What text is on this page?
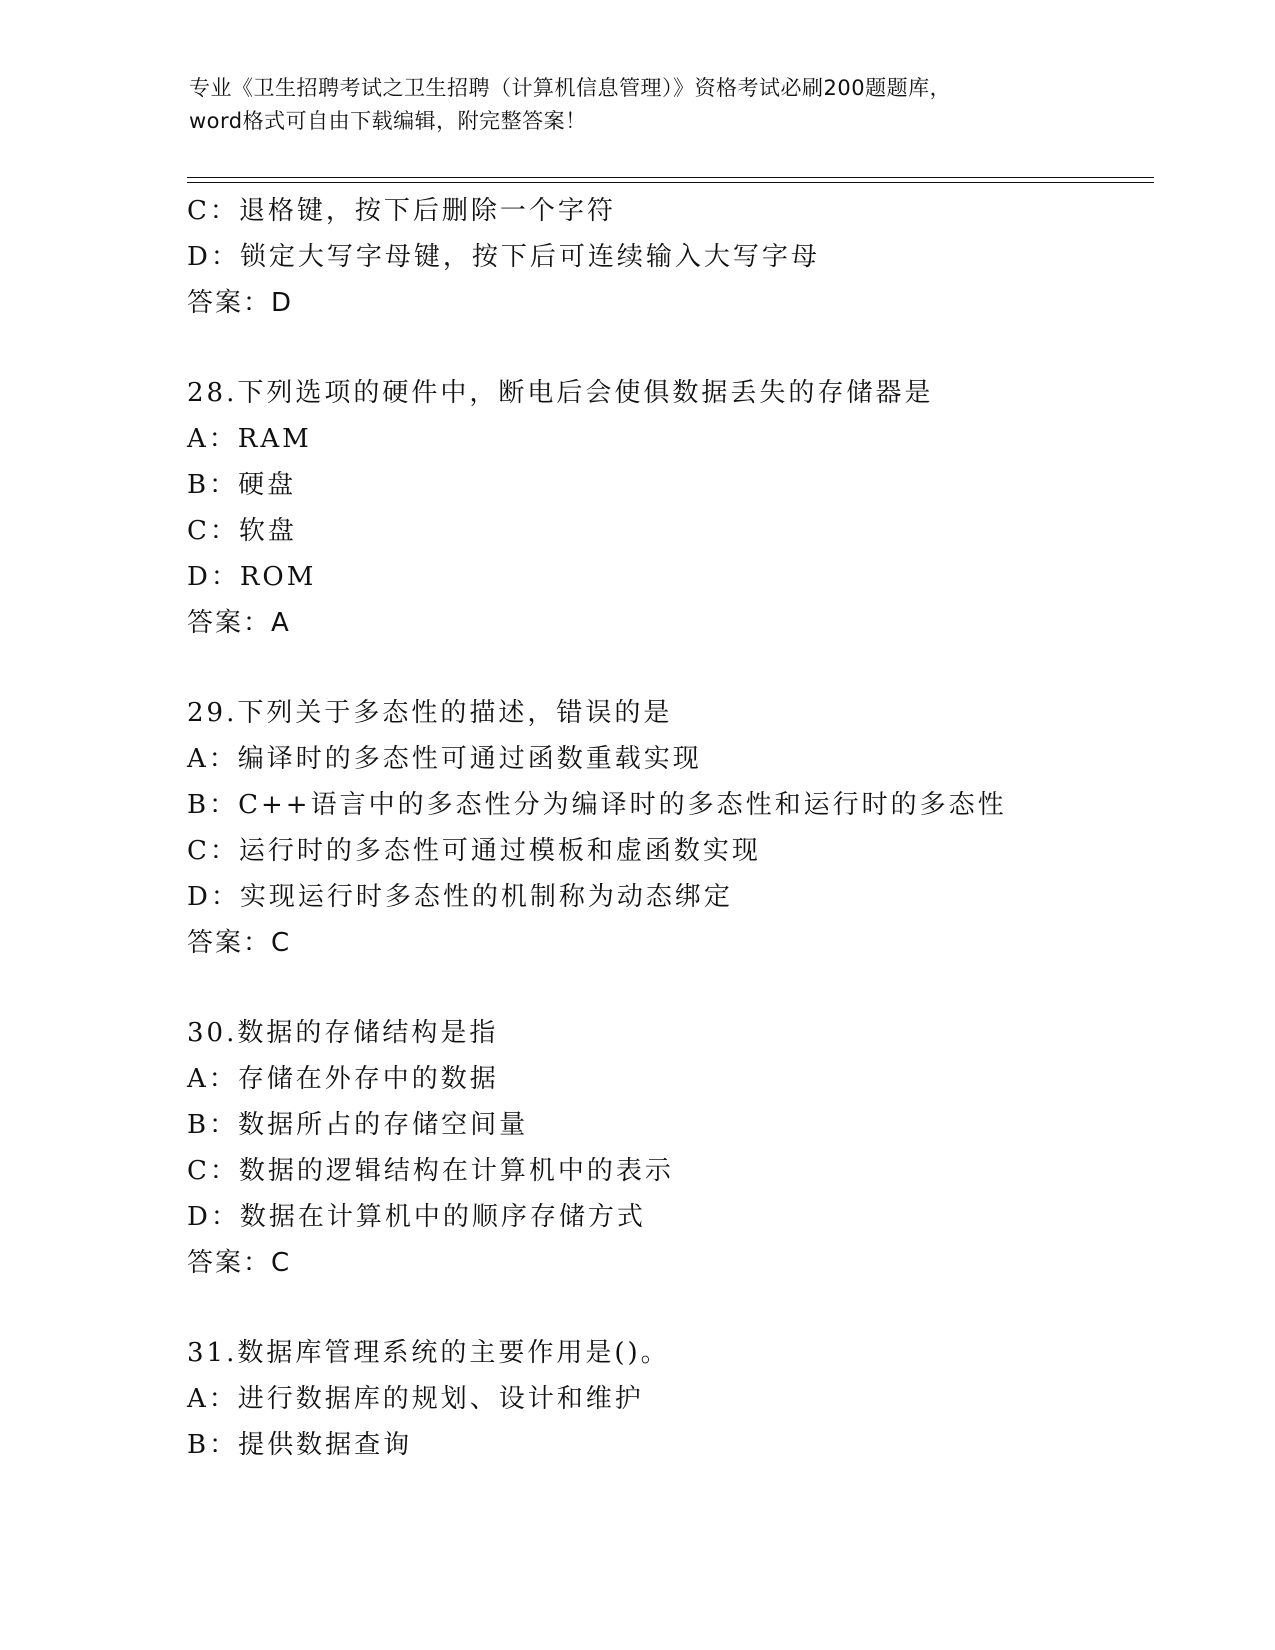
专业《卫生招聘考试之卫生招聘（计算机信息管理）》资格考试必刷200题题库，
word格式可自由下载编辑，附完整答案！
C：退格键，按下后删除一个字符
D：锁定大写字母键，按下后可连续输入大写字母
答案：D
28.下列选项的硬件中，断电后会使俱数据丢失的存储器是
A：RAM
B：硬盘
C：软盘
D：ROM
答案：A
29.下列关于多态性的描述，错误的是
A：编译时的多态性可通过函数重载实现
B：C++语言中的多态性分为编译时的多态性和运行时的多态性
C：运行时的多态性可通过模板和虚函数实现
D：实现运行时多态性的机制称为动态绑定
答案：C
30.数据的存储结构是指
A：存储在外存中的数据
B：数据所占的存储空间量
C：数据的逻辑结构在计算机中的表示
D：数据在计算机中的顺序存储方式
答案：C
31.数据库管理系统的主要作用是()。
A：进行数据库的规划、设计和维护
B：提供数据查询
